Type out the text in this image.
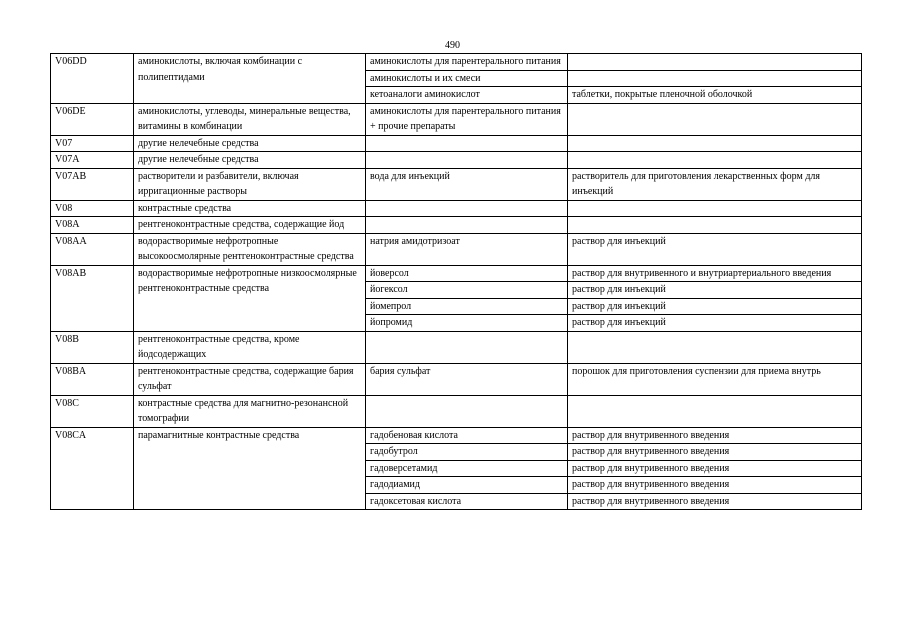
490
V06DD	аминокислоты, включая комбинации с полипептидами	аминокислоты для парентерального питания	
		аминокислоты и их смеси	
		кетоаналоги аминокислот	таблетки, покрытые пленочной оболочкой
V06DE	аминокислоты, углеводы, минеральные вещества, витамины в комбинации	аминокислоты для парентерального питания + прочие препараты	
V07	другие нелечебные средства		
V07A	другие нелечебные средства		
V07AB	растворители и разбавители, включая ирригационные растворы	вода для инъекций	растворитель для приготовления лекарственных форм для инъекций
V08	контрастные средства		
V08A	рентгеноконтрастные средства, содержащие йод		
V08AA	водорастворимые нефротропные высокоосмолярные рентгеноконтрастные средства	натрия амидотризоат	раствор для инъекций
V08AB	водорастворимые нефротропные низкоосмолярные рентгеноконтрастные средства	йоверсол	раствор для внутривенного и внутриартериального введения
		йогексол	раствор для инъекций
		йомепрол	раствор для инъекций
		йопромид	раствор для инъекций
V08B	рентгеноконтрастные средства, кроме йодсодержащих		
V08BA	рентгеноконтрастные средства, содержащие бария сульфат	бария сульфат	порошок для приготовления суспензии для приема внутрь
V08C	контрастные средства для магнитно-резонансной томографии		
V08CA	парамагнитные контрастные средства	гадобеновая кислота	раствор для внутривенного введения
		гадобутрол	раствор для внутривенного введения
		гадоверсетамид	раствор для внутривенного введения
		гадодиамид	раствор для внутривенного введения
		гадоксетовая кислота	раствор для внутривенного введения
